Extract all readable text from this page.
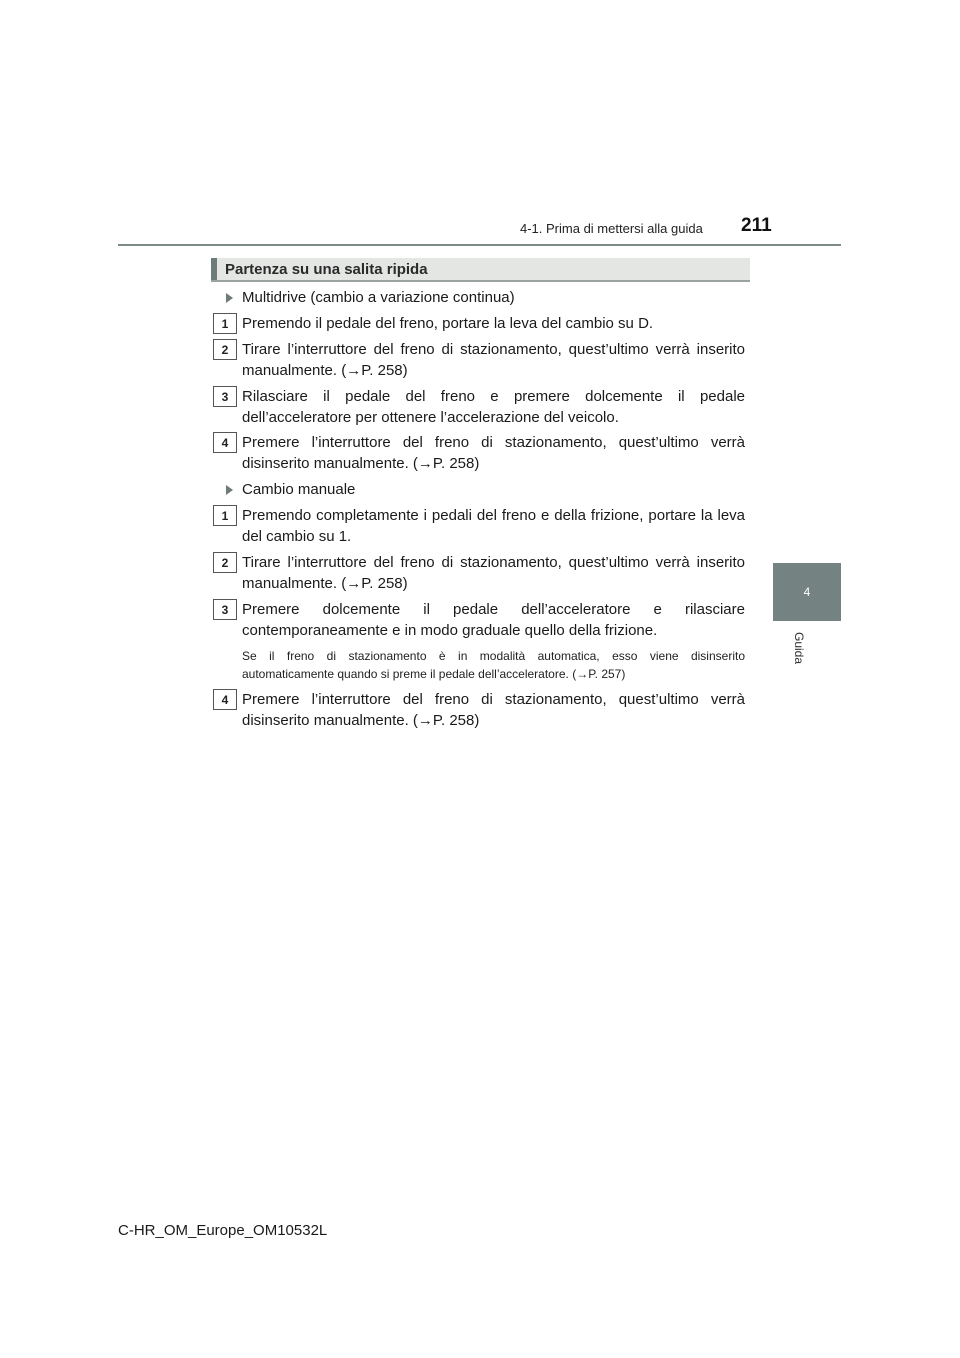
4-1. Prima di mettersi alla guida 211
4
Guida
Partenza su una salita ripida
Multidrive (cambio a variazione continua)
1 Premendo il pedale del freno, portare la leva del cambio su D.
2 Tirare l’interruttore del freno di stazionamento, quest’ultimo verrà inserito
manualmente. (→P. 258)
3 Rilasciare il pedale del freno e premere dolcemente il pedale
dell’acceleratore per ottenere l’accelerazione del veicolo.
4 Premere l’interruttore del freno di stazionamento, quest’ultimo verrà
disinserito manualmente. (→P. 258)
Cambio manuale
1 Premendo completamente i pedali del freno e della frizione, portare la leva
del cambio su 1.
2 Tirare l’interruttore del freno di stazionamento, quest’ultimo verrà inserito
manualmente. (→P. 258)
3 Premere dolcemente il pedale dell’acceleratore e rilasciare
contemporaneamente e in modo graduale quello della frizione.
Se il freno di stazionamento è in modalità automatica, esso viene disinserito
automaticamente quando si preme il pedale dell’acceleratore. (→P. 257)
4 Premere l’interruttore del freno di stazionamento, quest’ultimo verrà
disinserito manualmente. (→P. 258)
C-HR_OM_Europe_OM10532L
